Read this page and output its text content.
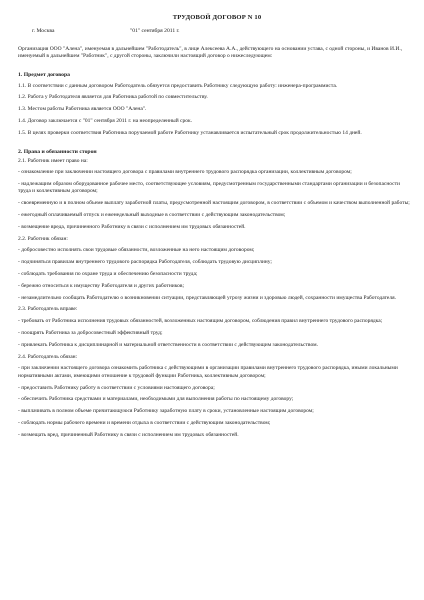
ТРУДОВОЙ ДОГОВОР N 10
г. Москва	"01" сентября 2011 г.

Организация ООО "Алена", именуемая в дальнейшем "Работодатель", в лице Алексеева А.А., действующего на основании устава, с одной стороны, и Иванов И.И., именуемый в дальнейшем "Работник", с другой стороны, заключили настоящий договор о нижеследующем:

1. Предмет договора

1.1. В соответствии с данным договором Работодатель обязуется предоставить Работнику следующую работу: инженера-программиста.

1.2. Работа у Работодателя является для Работника работой по совместительству.

1.3. Местом работы Работника является ООО "Алена".

1.4. Договор заключается с "01" сентября 2011 г. на неопределенный срок.

1.5. В целях проверки соответствия Работника поручаемой работе Работнику устанавливается испытательный срок продолжительностью 14 дней.

2. Права и обязанности сторон

2.1. Работник имеет право на:

- ознакомление при заключении настоящего договора с правилами внутреннего трудового распорядка организации, коллективным договором;

- надлежащим образом оборудованное рабочее место, соответствующее условиям, предусмотренным государственными стандартами организации и безопасности труда и коллективным договором;

- своевременную и в полном объеме выплату заработной платы, предусмотренной настоящим договором, в соответствии с объемом и качеством выполненной работы;

- ежегодный оплачиваемый отпуск и еженедельный выходные в соответствии с действующим законодательством;

- возмещение вреда, причиненного Работнику в связи с исполнением им трудовых обязанностей.

2.2. Работник обязан:

- добросовестно исполнять свои трудовые обязанности, возложенные на него настоящим договором;

- подчиняться правилам внутреннего трудового распорядка Работодателя, соблюдать трудовую дисциплину;

- соблюдать требования по охране труда и обеспечению безопасности труда;

- бережно относиться к имуществу Работодателя и других работников;

- незамедлительно сообщать Работодателю о возникновении ситуации, представляющей угрозу жизни и здоровью людей, сохранности имущества Работодателя.

2.3. Работодатель вправе:

- требовать от Работника исполнения трудовых обязанностей, возложенных настоящим договором, соблюдения правил внутреннего трудового распорядка;

- поощрять Работника за добросовестный эффективный труд;

- привлекать Работника к дисциплинарной и материальной ответственности в соответствии с действующим законодательством.

2.4. Работодатель обязан:

- при заключении настоящего договора ознакомить работника с действующими в организации правилами внутреннего трудового распорядка, иными локальными нормативными актами, имеющими отношение к трудовой функции Работника, коллективным договором;

- предоставить Работнику работу в соответствии с условиями настоящего договора;

- обеспечить Работника средствами и материалами, необходимыми для выполнения работы по настоящему договору;

- выплачивать в полном объеме причитающуюся Работнику заработную плату в сроки, установленные настоящим договором;

- соблюдать нормы рабочего времени и времени отдыха в соответствии с действующим законодательством;

- возмещать вред, причиненный Работнику в связи с исполнением им трудовых обязанностей.
